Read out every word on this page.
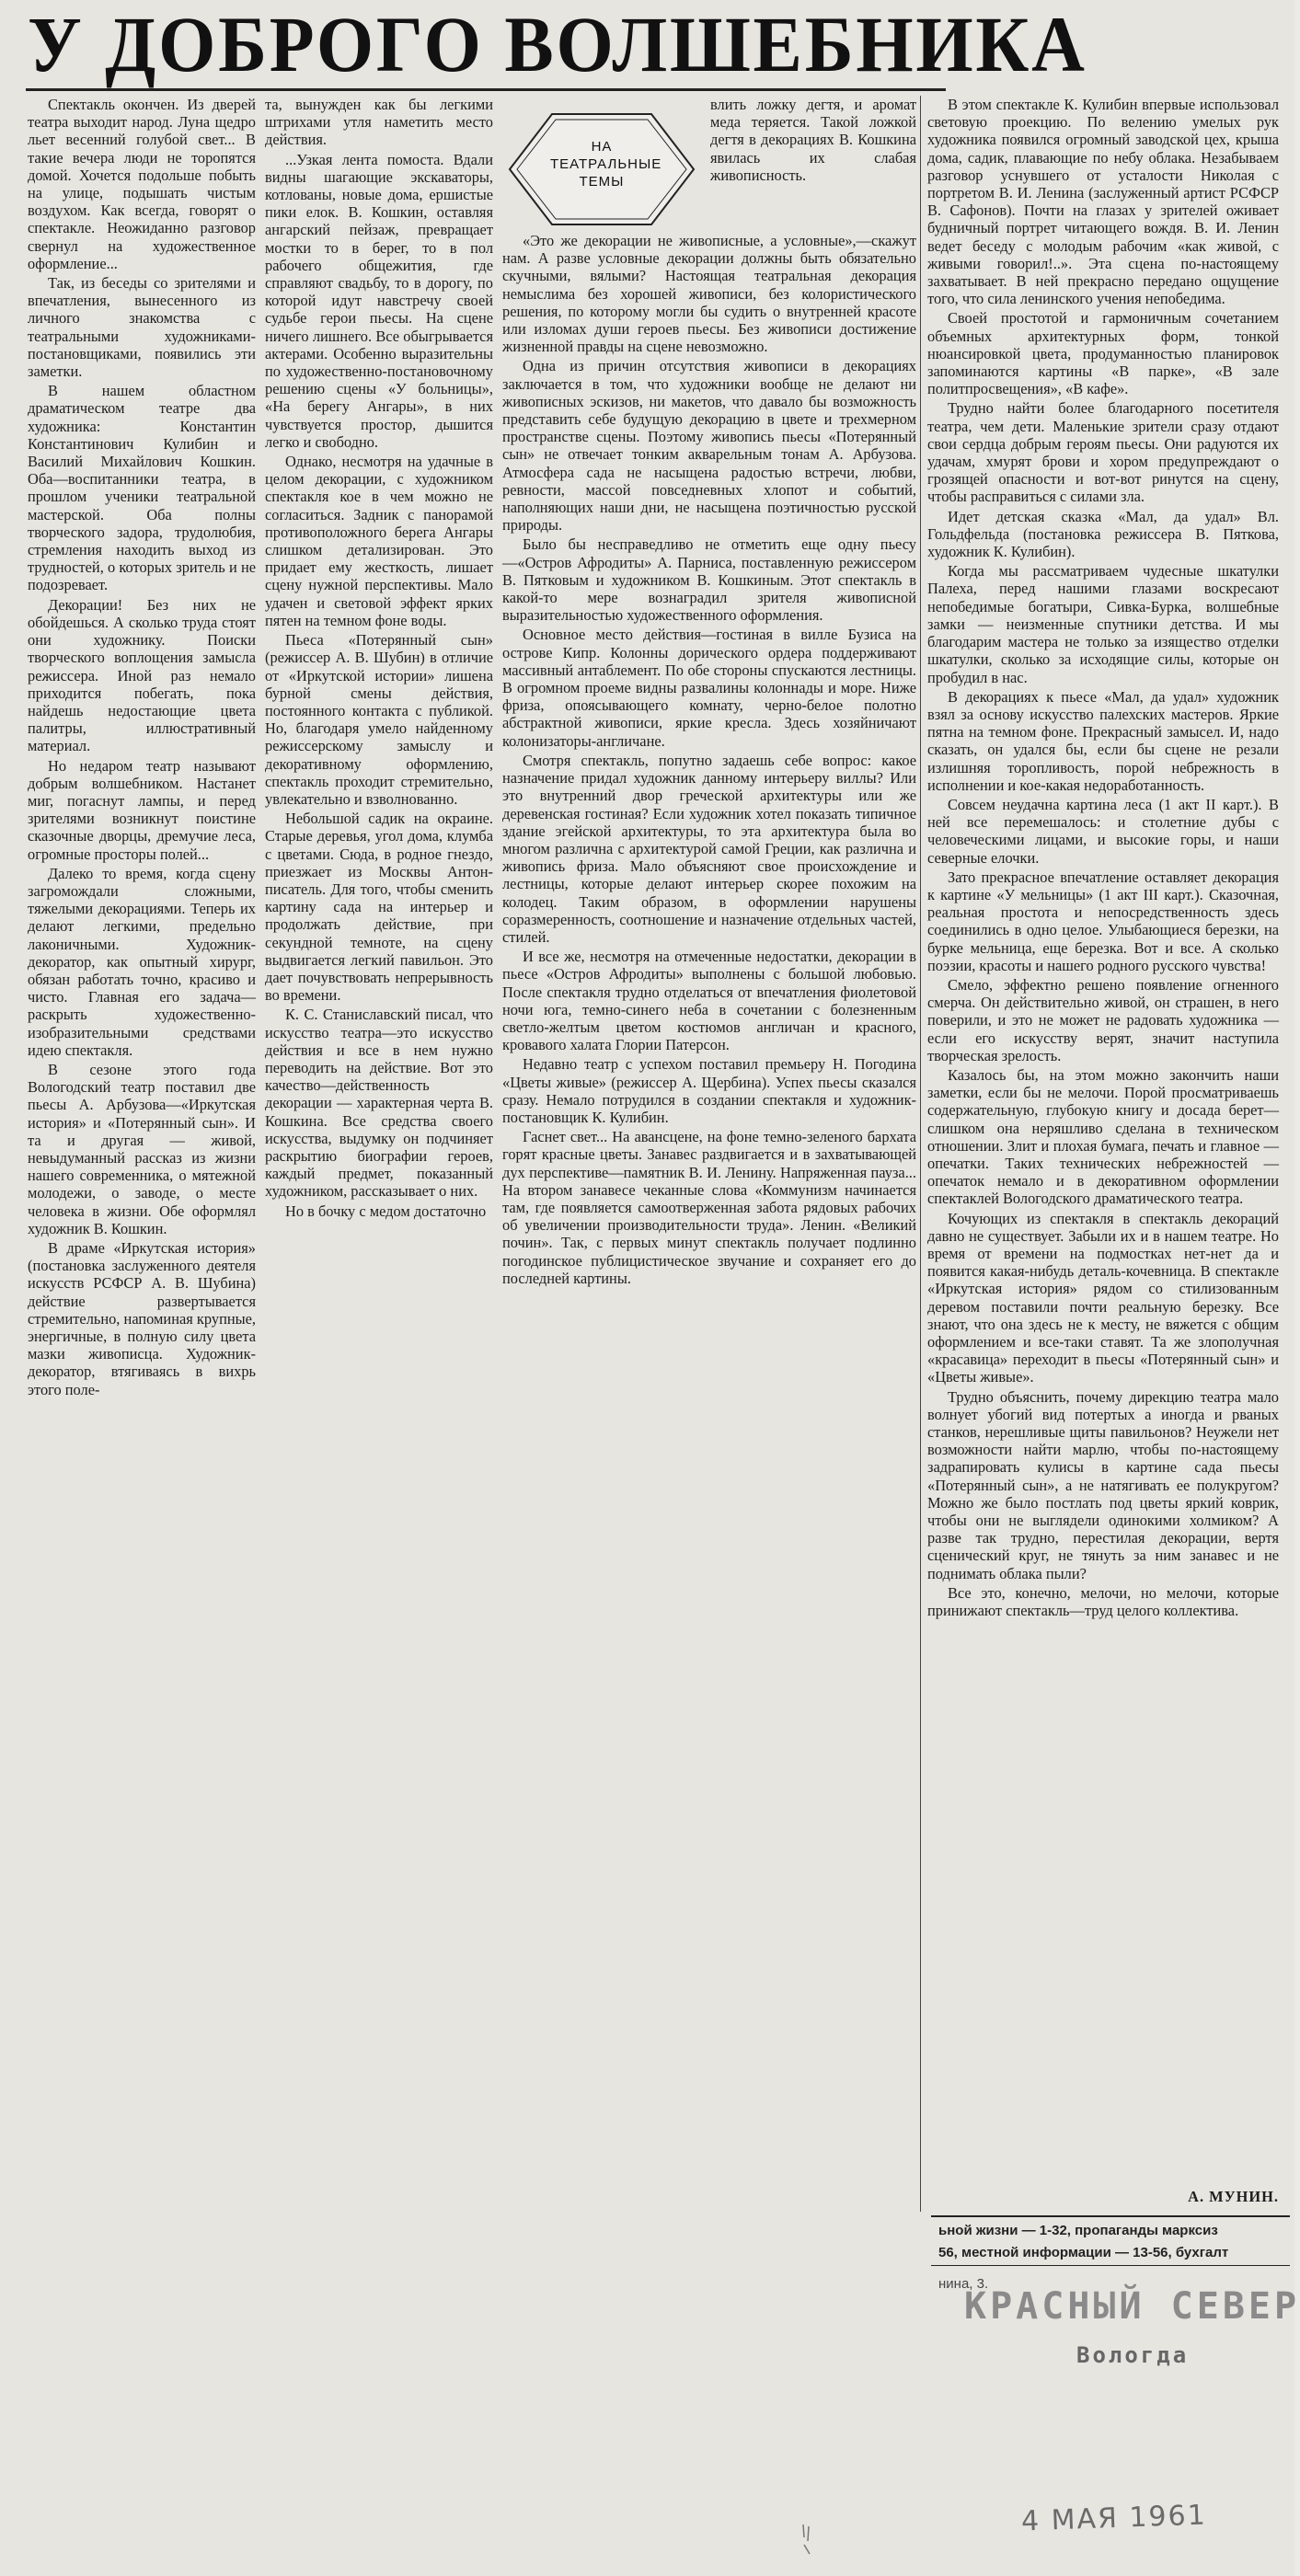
У ДОБРОГО ВОЛШЕБНИКА
НА ТЕАТРАЛЬНЫЕ ТЕМЫ

Спектакль окончен. Из дверей театра выходит народ. Луна щедро льет весенний голубой свет... В такие вечера люди не торопятся домой. Хочется подольше побыть на улице, подышать чистым воздухом. Как всегда, говорят о спектакле. Неожиданно разговор свернул на художественное оформление...

Так, из беседы со зрителями и впечатления, вынесенного из личного знакомства с театральными художниками-постановщиками, появились эти заметки.

В нашем областном драматическом театре два художника: Константин Константинович Кулибин и Василий Михайлович Кошкин. Оба—воспитанники театра, в прошлом ученики театральной мастерской. Оба полны творческого задора, трудолюбия, стремления находить выход из трудностей, о которых зритель и не подозревает.

Декорации! Без них не обойдешься. А сколько труда стоят они художнику. Поиски творческого воплощения замысла режиссера. Иной раз немало приходится побегать, пока найдешь недостающие цвета палитры, иллюстративный материал.

Но недаром театр называют добрым волшебником. Настанет миг, погаснут лампы, и перед зрителями возникнут поистине сказочные дворцы, дремучие леса, огромные просторы полей...

Далеко то время, когда сцену загромождали сложными, тяжелыми декорациями. Теперь их делают легкими, предельно лаконичными. Художник-декоратор, как опытный хирург, обязан работать точно, красиво и чисто. Главная его задача—раскрыть художественно-изобразительными средствами идею спектакля.

В сезоне этого года Вологодский театр поставил две пьесы А. Арбузова—«Иркутская история» и «Потерянный сын». И та и другая — живой, невыдуманный рассказ из жизни нашего современника, о мятежной молодежи, о заводе, о месте человека в жизни. Обе оформлял художник В. Кошкин.

В драме «Иркутская история» (постановка заслуженного деятеля искусств РСФСР А. В. Шубина) действие развертывается стремительно, напоминая крупные, энергичные, в полную силу цвета мазки живописца. Художник-декоратор, втягиваясь в вихрь этого поле-

та, вынужден как бы легкими штрихами утля наметить место действия.

...Узкая лента помоста. Вдали видны шагающие экскаваторы, котлованы, новые дома, ершистые пики елок. В. Кошкин, оставляя ангарский пейзаж, превращает мостки то в берег, то в пол рабочего общежития, где справляют свадьбу, то в дорогу, по которой идут навстречу своей судьбе герои пьесы. На сцене ничего лишнего. Все обыгрывается актерами. Особенно выразительны по художественно-постановочному решению сцены «У больницы», «На берегу Ангары», в них чувствуется простор, дышится легко и свободно.

Однако, несмотря на удачные в целом декорации, с художником спектакля кое в чем можно не согласиться. Задник с панорамой противоположного берега Ангары слишком детализирован. Это придает ему жесткость, лишает сцену нужной перспективы. Мало удачен и световой эффект ярких пятен на темном фоне воды.

Пьеса «Потерянный сын» (режиссер А. В. Шубин) в отличие от «Иркутской истории» лишена бурной смены действия, постоянного контакта с публикой. Но, благодаря умело найденному режиссерскому замыслу и декоративному оформлению, спектакль проходит стремительно, увлекательно и взволнованно.

Небольшой садик на окраине. Старые деревья, угол дома, клумба с цветами. Сюда, в родное гнездо, приезжает из Москвы Антон-писатель. Для того, чтобы сменить картину сада на интерьер и продолжать действие, при секундной темноте, на сцену выдвигается легкий павильон. Это дает почувствовать непрерывность во времени.

К. С. Станиславский писал, что искусство театра—это искусство действия и все в нем нужно переводить на действие. Вот это качество—действенность декорации — характерная черта В. Кошкина. Все средства своего искусства, выдумку он подчиняет раскрытию биографии героев, каждый предмет, показанный художником, рассказывает о них.

Но в бочку с медом достаточно

влить ложку дегтя, и аромат меда теряется. Такой ложкой дегтя в декорациях В. Кошкина явилась их слабая живописность.

«Это же декорации не живописные, а условные»,—скажут нам. А разве условные декорации должны быть обязательно скучными, вялыми? Настоящая театральная декорация немыслима без хорошей живописи, без колористического решения, по которому могли бы судить о внутренней красоте или изломах души героев пьесы. Без живописи достижение жизненной правды на сцене невозможно.

Одна из причин отсутствия живописи в декорациях заключается в том, что художники вообще не делают ни живописных эскизов, ни макетов, что давало бы возможность представить себе будущую декорацию в цвете и трехмерном пространстве сцены. Поэтому живопись пьесы «Потерянный сын» не отвечает тонким акварельным тонам А. Арбузова. Атмосфера сада не насыщена радостью встречи, любви, ревности, массой повседневных хлопот и событий, наполняющих наши дни, не насыщена поэтичностью русской природы.

Было бы несправедливо не отметить еще одну пьесу—«Остров Афродиты» А. Парниса, поставленную режиссером В. Пятковым и художником В. Кошкиным. Этот спектакль в какой-то мере вознаградил зрителя живописной выразительностью художественного оформления.

Основное место действия—гостиная в вилле Бузиса на острове Кипр. Колонны дорического ордера поддерживают массивный антаблемент. По обе стороны спускаются лестницы. В огромном проеме видны развалины колоннады и море. Ниже фриза, опоясывающего комнату, черно-белое полотно абстрактной живописи, яркие кресла. Здесь хозяйничают колонизаторы-англичане.

Смотря спектакль, попутно задаешь себе вопрос: какое назначение придал художник данному интерьеру виллы? Или это внутренний двор греческой архитектуры или же деревенская гостиная? Если художник хотел показать типичное здание эгейской архитектуры, то эта архитектура была во многом различна с архитектурой самой Греции, как различна и живопись фриза. Мало объясняют свое происхождение и лестницы, которые делают интерьер скорее похожим на колодец. Таким образом, в оформлении нарушены соразмеренность, соотношение и назначение отдельных частей, стилей.

И все же, несмотря на отмеченные недостатки, декорации в пьесе «Остров Афродиты» выполнены с большой любовью. После спектакля трудно отделаться от впечатления фиолетовой ночи юга, темно-синего неба в сочетании с болезненным светло-желтым цветом костюмов англичан и красного, кровавого халата Глории Патерсон.

Недавно театр с успехом поставил премьеру Н. Погодина «Цветы живые» (режиссер А. Щербина). Успех пьесы сказался сразу. Немало потрудился в создании спектакля и художник-постановщик К. Кулибин.

Гаснет свет... На авансцене, на фоне темно-зеленого бархата горят красные цветы. Занавес раздвигается и в захватывающей дух перспективе—памятник В. И. Ленину. Напряженная пауза... На втором занавесе чеканные слова «Коммунизм начинается там, где появляется самоотверженная забота рядовых рабочих об увеличении производительности труда». Ленин. «Великий почин». Так, с первых минут спектакль получает подлинно погодинское публицистическое звучание и сохраняет его до последней картины.

В этом спектакле К. Кулибин впервые использовал световую проекцию. По велению умелых рук художника появился огромный заводской цех, крыша дома, садик, плавающие по небу облака. Незабываем разговор уснувшего от усталости Николая с портретом В. И. Ленина (заслуженный артист РСФСР В. Сафонов). Почти на глазах у зрителей оживает будничный портрет читающего вождя. В. И. Ленин ведет беседу с молодым рабочим «как живой, с живыми говорил!..». Эта сцена по-настоящему захватывает. В ней прекрасно передано ощущение того, что сила ленинского учения непобедима.

Своей простотой и гармоничным сочетанием объемных архитектурных форм, тонкой нюансировкой цвета, продуманностью планировок запоминаются картины «В парке», «В зале политпросвещения», «В кафе».

Трудно найти более благодарного посетителя театра, чем дети. Маленькие зрители сразу отдают свои сердца добрым героям пьесы. Они радуются их удачам, хмурят брови и хором предупреждают о грозящей опасности и вот-вот ринутся на сцену, чтобы расправиться с силами зла.

Идет детская сказка «Мал, да удал» Вл. Гольдфельда (постановка режиссера В. Пяткова, художник К. Кулибин).

Когда мы рассматриваем чудесные шкатулки Палеха, перед нашими глазами воскресают непобедимые богатыри, Сивка-Бурка, волшебные замки — неизменные спутники детства. И мы благодарим мастера не только за изящество отделки шкатулки, сколько за исходящие силы, которые он пробудил в нас.

В декорациях к пьесе «Мал, да удал» художник взял за основу искусство палехских мастеров. Яркие пятна на темном фоне. Прекрасный замысел. И, надо сказать, он удался бы, если бы сцене не резали излишняя торопливость, порой небрежность в исполнении и кое-какая недоработанность.

Совсем неудачна картина леса (1 акт II карт.). В ней все перемешалось: и столетние дубы с человеческими лицами, и высокие горы, и наши северные елочки.

Зато прекрасное впечатление оставляет декорация к картине «У мельницы» (1 акт III карт.). Сказочная, реальная простота и непосредственность здесь соединились в одно целое. Улыбающиеся березки, на бурке мельница, еще березка. Вот и все. А сколько поэзии, красоты и нашего родного русского чувства!

Смело, эффектно решено появление огненного смерча. Он действительно живой, он страшен, в него поверили, и это не может не радовать художника — если его искусству верят, значит наступила творческая зрелость.

Казалось бы, на этом можно закончить наши заметки, если бы не мелочи. Порой просматриваешь содержательную, глубокую книгу и досада берет—слишком она неряшливо сделана в техническом отношении. Злит и плохая бумага, печать и главное — опечатки. Таких технических небрежностей — опечаток немало и в декоративном оформлении спектаклей Вологодского драматического театра.

Кочующих из спектакля в спектакль декораций давно не существует. Забыли их и в нашем театре. Но время от времени на подмостках нет-нет да и появится какая-нибудь деталь-кочевница. В спектакле «Иркутская история» рядом со стилизованным деревом поставили почти реальную березку. Все знают, что она здесь не к месту, не вяжется с общим оформлением и все-таки ставят. Та же злополучная «красавица» переходит в пьесы «Потерянный сын» и «Цветы живые».

Трудно объяснить, почему дирекцию театра мало волнует убогий вид потертых а иногда и рваных станков, нерешливые щиты павильонов? Неужели нет возможности найти марлю, чтобы по-настоящему задрапировать кулисы в картине сада пьесы «Потерянный сын», а не натягивать ее полукругом? Можно же было постлать под цветы яркий коврик, чтобы они не выглядели одинокими холмиком? А разве так трудно, перестилая декорации, вертя сценический круг, не тянуть за ним занавес и не поднимать облака пыли?

Все это, конечно, мелочи, но мелочи, которые принижают спектакль—труд целого коллектива.

А. МУНИН.
ьной жизни — 1-32, пропаганды марксиз
56, местной информации — 13-56, бухгалт
нина, 3.
КРАСНЫЙ СЕВЕР
Вологда
4 МАЯ 1961
